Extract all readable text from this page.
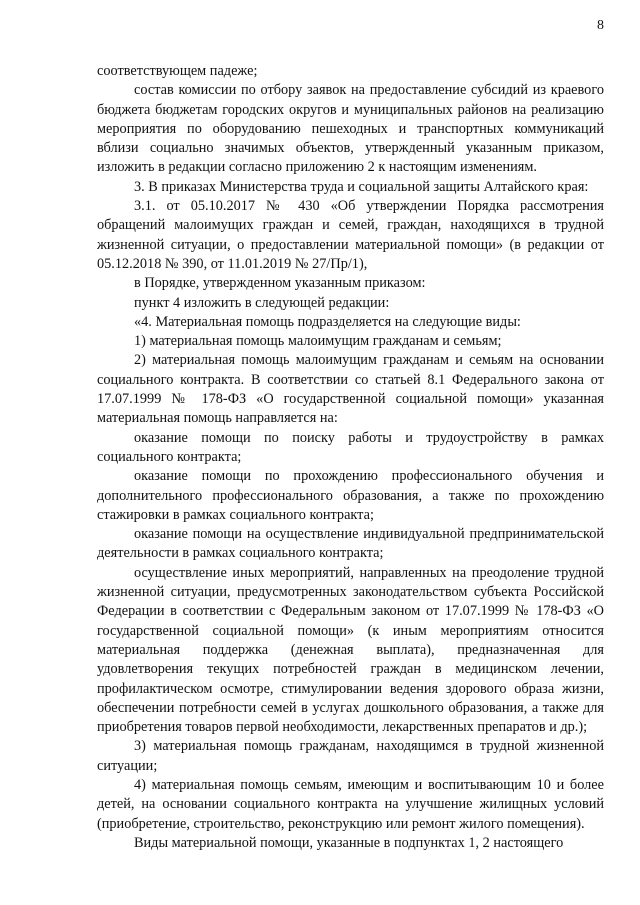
8

соответствующем падеже;

состав комиссии по отбору заявок на предоставление субсидий из краевого бюджета бюджетам городских округов и муниципальных районов на реализацию мероприятия по оборудованию пешеходных и транспортных коммуникаций вблизи социально значимых объектов, утвержденный указанным приказом, изложить в редакции согласно приложению 2 к настоящим изменениям.

3. В приказах Министерства труда и социальной защиты Алтайского края:

3.1. от 05.10.2017 № 430 «Об утверждении Порядка рассмотрения обращений малоимущих граждан и семей, граждан, находящихся в трудной жизненной ситуации, о предоставлении материальной помощи» (в редакции от 05.12.2018 № 390, от 11.01.2019 № 27/Пр/1),

в Порядке, утвержденном указанным приказом:

пункт 4 изложить в следующей редакции:

«4. Материальная помощь подразделяется на следующие виды:

1) материальная помощь малоимущим гражданам и семьям;

2) материальная помощь малоимущим гражданам и семьям на основании социального контракта. В соответствии со статьей 8.1 Федерального закона от 17.07.1999 № 178-ФЗ «О государственной социальной помощи» указанная материальная помощь направляется на:

оказание помощи по поиску работы и трудоустройству в рамках социального контракта;

оказание помощи по прохождению профессионального обучения и дополнительного профессионального образования, а также по прохождению стажировки в рамках социального контракта;

оказание помощи на осуществление индивидуальной предпринимательской деятельности в рамках социального контракта;

осуществление иных мероприятий, направленных на преодоление трудной жизненной ситуации, предусмотренных законодательством субъекта Российской Федерации в соответствии с Федеральным законом от 17.07.1999 № 178-ФЗ «О государственной социальной помощи» (к иным мероприятиям относится материальная поддержка (денежная выплата), предназначенная для удовлетворения текущих потребностей граждан в медицинском лечении, профилактическом осмотре, стимулировании ведения здорового образа жизни, обеспечении потребности семей в услугах дошкольного образования, а также для приобретения товаров первой необходимости, лекарственных препаратов и др.);

3) материальная помощь гражданам, находящимся в трудной жизненной ситуации;

4) материальная помощь семьям, имеющим и воспитывающим 10 и более детей, на основании социального контракта на улучшение жилищных условий (приобретение, строительство, реконструкцию или ремонт жилого помещения).

Виды материальной помощи, указанные в подпунктах 1, 2 настоящего
